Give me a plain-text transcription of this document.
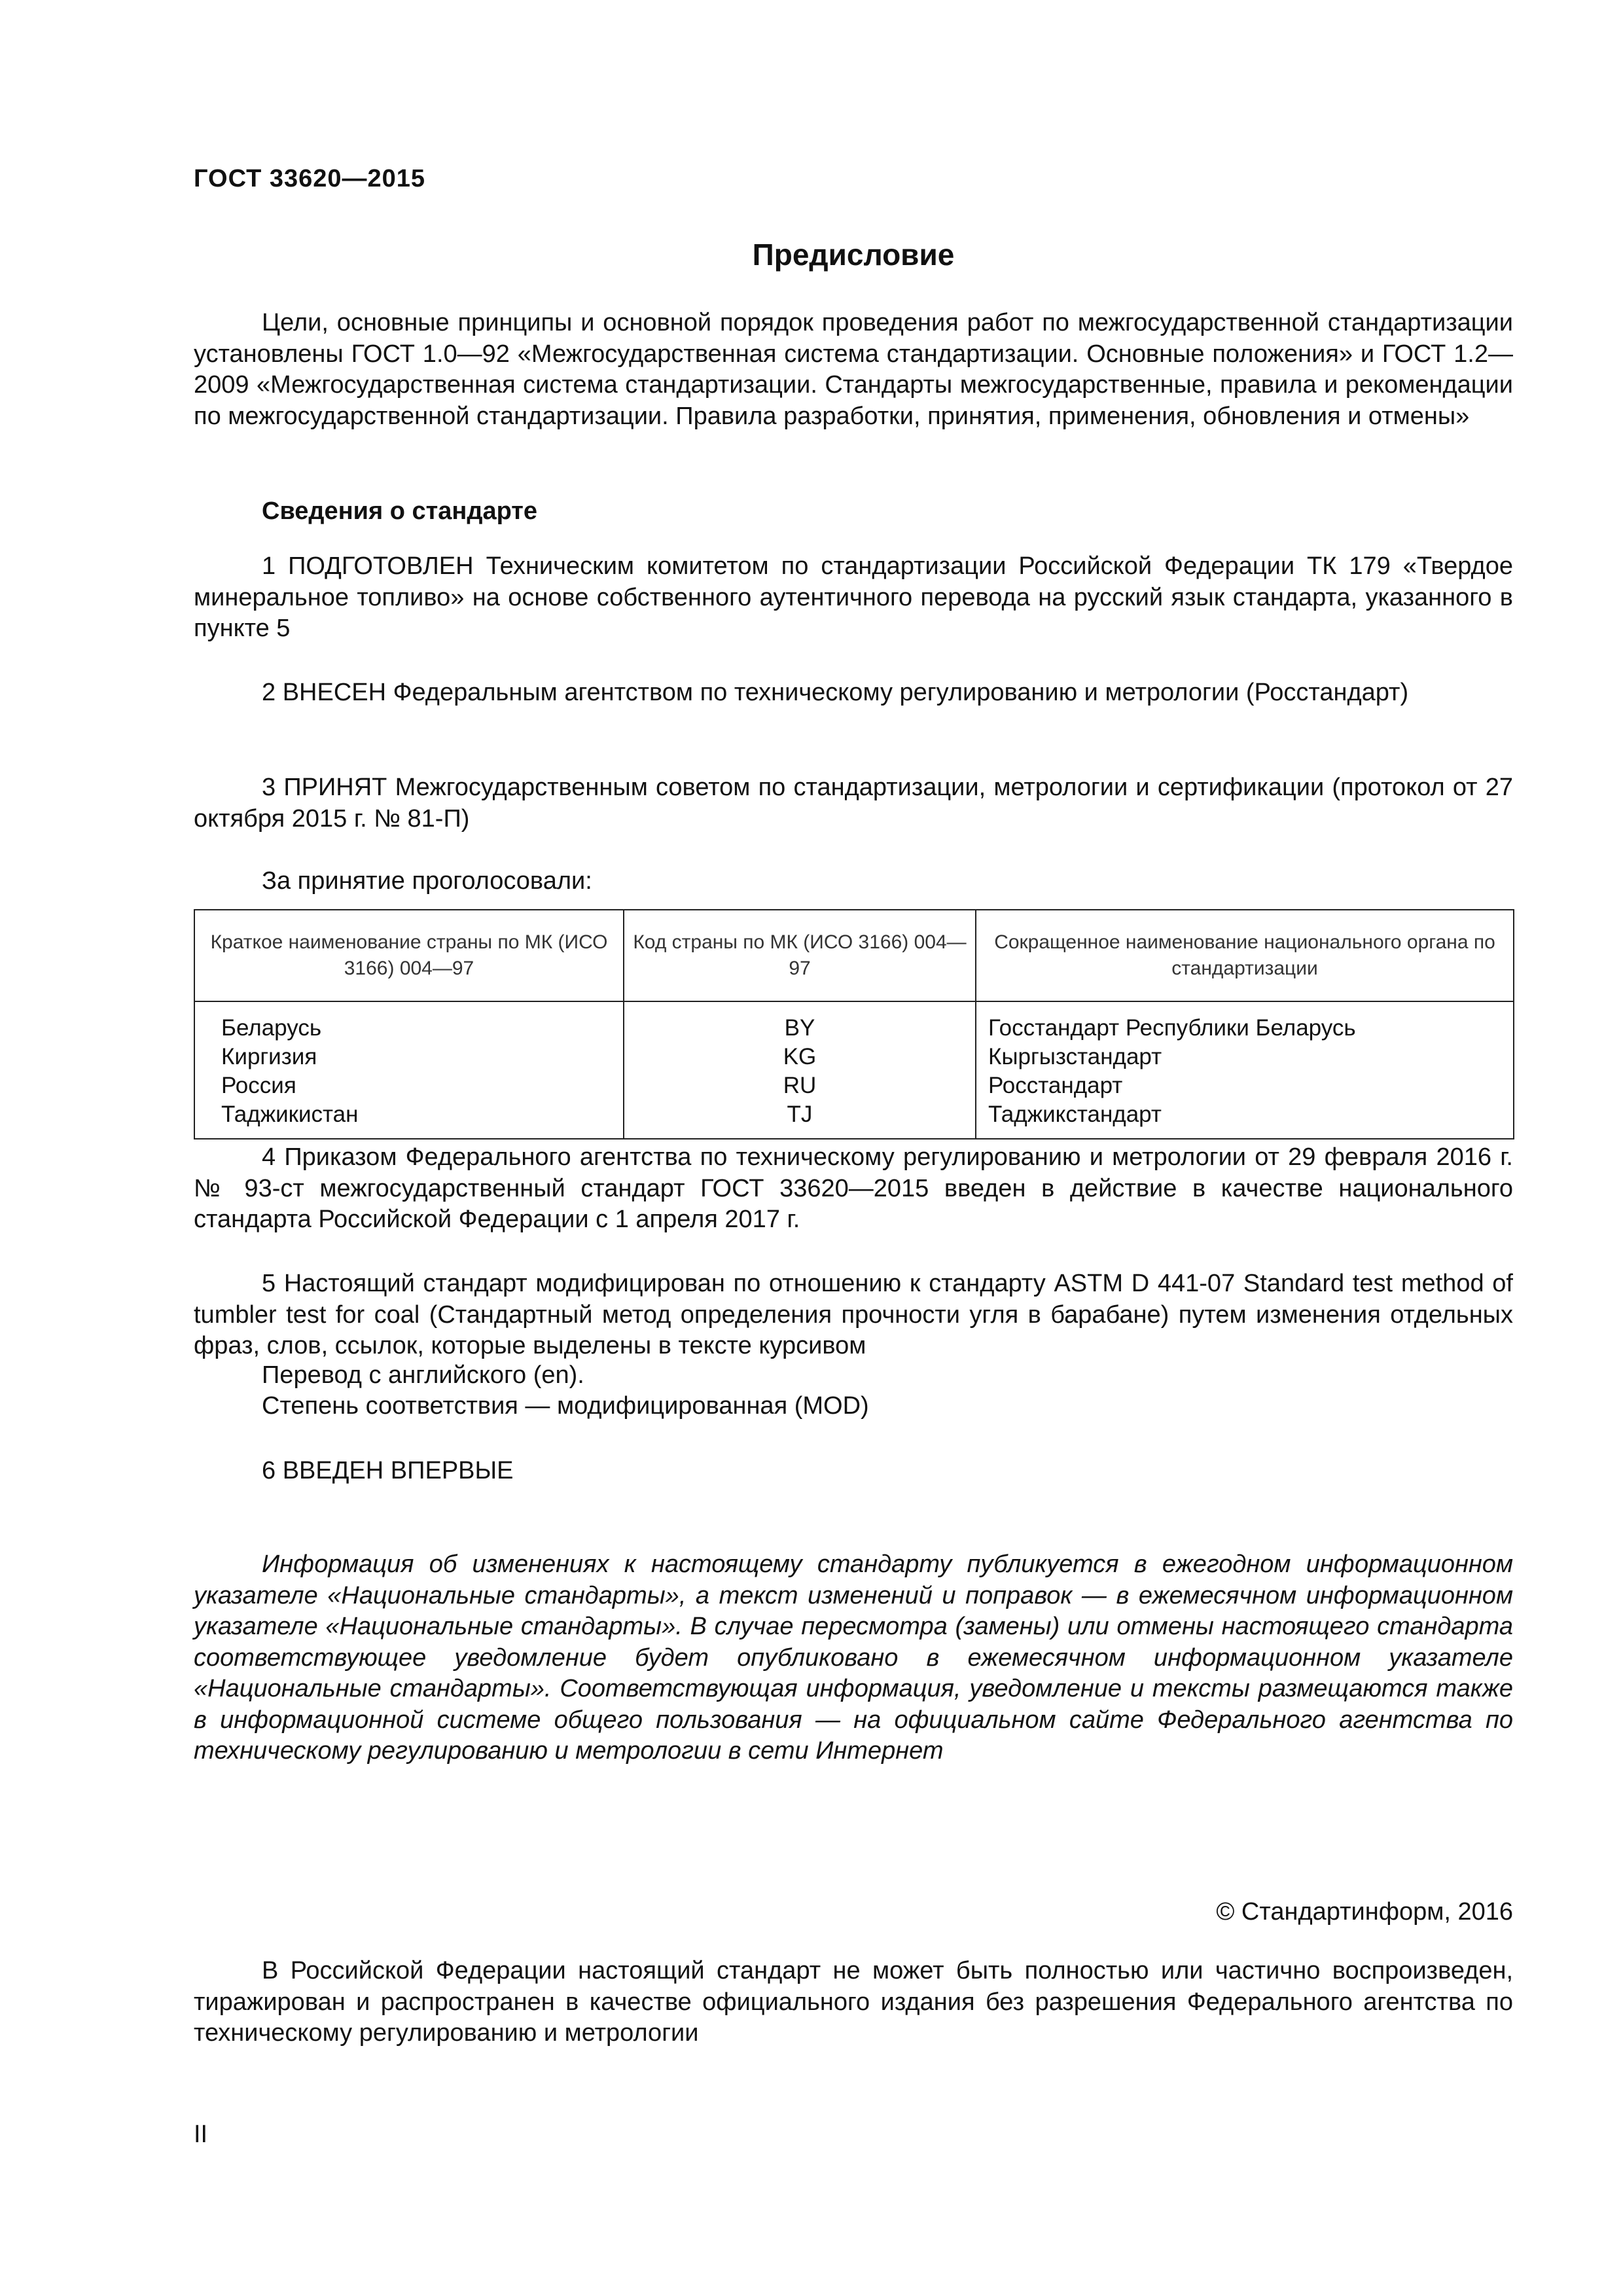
ГОСТ 33620—2015
Предисловие

Цели, основные принципы и основной порядок проведения работ по межгосударственной стандартизации установлены ГОСТ 1.0—92 «Межгосударственная система стандартизации. Основные положения» и ГОСТ 1.2—2009 «Межгосударственная система стандартизации. Стандарты межгосударственные, правила и рекомендации по межгосударственной стандартизации. Правила разработки, принятия, применения, обновления и отмены»

Сведения о стандарте

1 ПОДГОТОВЛЕН Техническим комитетом по стандартизации Российской Федерации ТК 179 «Твердое минеральное топливо» на основе собственного аутентичного перевода на русский язык стандарта, указанного в пункте 5

2 ВНЕСЕН Федеральным агентством по техническому регулированию и метрологии (Росстандарт)

3 ПРИНЯТ Межгосударственным советом по стандартизации, метрологии и сертификации (протокол от 27 октября 2015 г. № 81-П)

За принятие проголосовали:
Краткое наименование страны по МК (ИСО 3166) 004—97	Код страны по МК (ИСО 3166) 004—97	Сокращенное наименование национального органа по стандартизации
Беларусь	BY	Госстандарт Республики Беларусь
Киргизия	KG	Кыргызстандарт
Россия	RU	Росстандарт
Таджикистан	TJ	Таджикстандарт

4 Приказом Федерального агентства по техническому регулированию и метрологии от 29 февраля 2016 г. № 93-ст межгосударственный стандарт ГОСТ 33620—2015 введен в действие в качестве национального стандарта Российской Федерации с 1 апреля 2017 г.

5 Настоящий стандарт модифицирован по отношению к стандарту ASTM D 441-07 Standard test method of tumbler test for coal (Стандартный метод определения прочности угля в барабане) путем изменения отдельных фраз, слов, ссылок, которые выделены в тексте курсивом

Перевод с английского (en).
Степень соответствия — модифицированная (MOD)
6 ВВЕДЕН ВПЕРВЫЕ

Информация об изменениях к настоящему стандарту публикуется в ежегодном информационном указателе «Национальные стандарты», а текст изменений и поправок — в ежемесячном информационном указателе «Национальные стандарты». В случае пересмотра (замены) или отмены настоящего стандарта соответствующее уведомление будет опубликовано в ежемесячном информационном указателе «Национальные стандарты». Соответствующая информация, уведомление и тексты размещаются также в информационной системе общего пользования — на официальном сайте Федерального агентства по техническому регулированию и метрологии в сети Интернет

© Стандартинформ, 2016

В Российской Федерации настоящий стандарт не может быть полностью или частично воспроизведен, тиражирован и распространен в качестве официального издания без разрешения Федерального агентства по техническому регулированию и метрологии

II
